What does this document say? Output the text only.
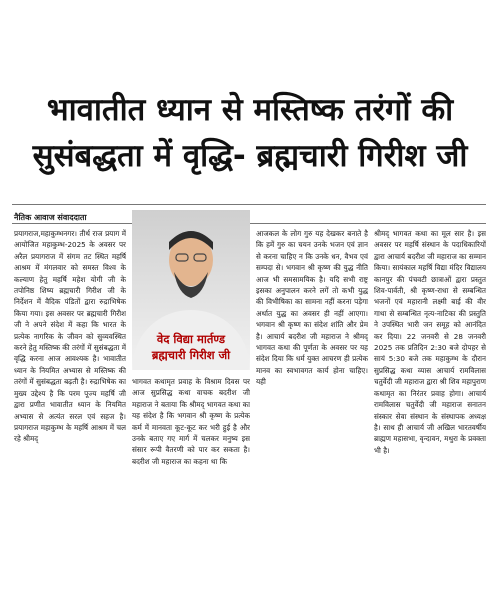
भावातीत ध्यान से मस्तिष्क तरंगों की
सुसंबद्धता में वृद्धि- ब्रह्मचारी गिरीश जी
नैतिक आवाज संवाददाता
प्रयागराज,महाकुम्भनगर। तीर्थ राज प्रयाग में आयोजित महाकुम्भ-2025 के अवसर पर अरैल प्रयागराज में संगम तट स्थित महर्षि आश्रम में मंगलवार को समस्त विश्व के कल्याण हेतु महर्षि महेश योगी जी के तपोनिष्ठ शिष्य ब्रह्मचारी गिरीश जी के निर्देशन में वैदिक पंडितों द्वारा रुद्राभिषेक किया गया। इस अवसर पर ब्रह्मचारी गिरीश जी ने अपने संदेश में कहा कि भारत के प्रत्येक नागरिक के जीवन को सुव्यवस्थित करने हेतु मस्तिष्क की तरंगों में सुसंबद्धता में वृद्धि करना आज आवश्यक है। भावातीत ध्यान के नियमित अभ्यास से मस्तिष्क की तरंगों में सुसंबद्धता बढ़ती है। रुद्राभिषेक का मुख्य उद्देश्य है कि परम पूज्य महर्षि जी द्वारा प्रणीत भावातीत ध्यान के नियमित अभ्यास से अत्यंत सरल एवं सहज है। प्रयागराज महाकुम्भ के महर्षि आश्रम में चल रहे श्रीमद्
वेद विद्या मार्तण्ड
ब्रह्मचारी गिरीश जी
भागवत कथामृत प्रवाह के विश्राम दिवस पर आज सुप्रसिद्ध कथा वाचक बदरीश जी महाराज ने बताया कि श्रीमद् भागवत कथा का यह संदेश है कि भगवान श्री कृष्ण के प्रत्येक कर्म में मानवता कूट-कूट कर भरी हुई है और उनके बताए गए मार्ग में चलकर मनुष्य इस संसार रूपी वैतरणी को पार कर सकता है। बदरीश जी महाराज का कहना था कि
आजकल के लोग गुरु यह देखकर बनाते है कि हमें गुरु का चयन उनके भजन एवं ज्ञान से करना चाहिए न कि उनके धन, वैभव एवं सम्पदा से। भगवान श्री कृष्ण की युद्ध नीति आज भी समसामयिक है। यदि सभी राष्ट्र इसका अनुपालन करने लगें तो कभी युद्ध की विभीषिका का सामना नहीं करना पड़ेगा अर्थात युद्ध का अवसर ही नहीं आएगा। भगवान श्री कृष्ण का संदेश शांति और प्रेम है। आचार्य बदरीश जी महाराज ने श्रीमद् भागवत कथा की पूर्णता के अवसर पर यह संदेश दिया कि धर्म युक्त आचरण ही प्रत्येक मानव का स्वभावगत कार्य होना चाहिए। यही
श्रीमद् भागवत कथा का मूल सार है। इस अवसर पर महर्षि संस्थान के पदाधिकारियों द्वारा आचार्य बदरीश जी महाराज का सम्मान किया। सायंकाल महर्षि विद्या मंदिर विद्यालय कानपुर की पंचवटी छात्राओं द्वारा प्रस्तुत शिव-पार्वती, श्री कृष्ण-राधा से सम्बन्धित भजनों एवं महारानी लक्ष्मी बाई की वीर गाथा से सम्बन्धित नृत्य-नाटिका की प्रस्तुति ने उपस्थित भारी जन समूह को आनंदित कर दिया। 22 जनवरी से 28 जनवरी 2025 तक प्रतिदिन 2:30 बजे दोपहर से सायं 5:30 बजे तक महाकुम्भ के दौरान सुप्रसिद्ध कथा व्यास आचार्य रामविलास चतुर्वेदी जी महाराज द्वारा श्री शिव महापुराण कथामृत का निरंतर प्रवाह होगा। आचार्य रामविलास चतुर्वेदी जी महाराज सनातन संस्कार सेवा संस्थान के संस्थापक अध्यक्ष है। साथ ही आचार्य जी अखिल भारतवर्षीय ब्राह्मण महासभा, वृन्दावन, मथुरा के प्रवक्ता भी है।
